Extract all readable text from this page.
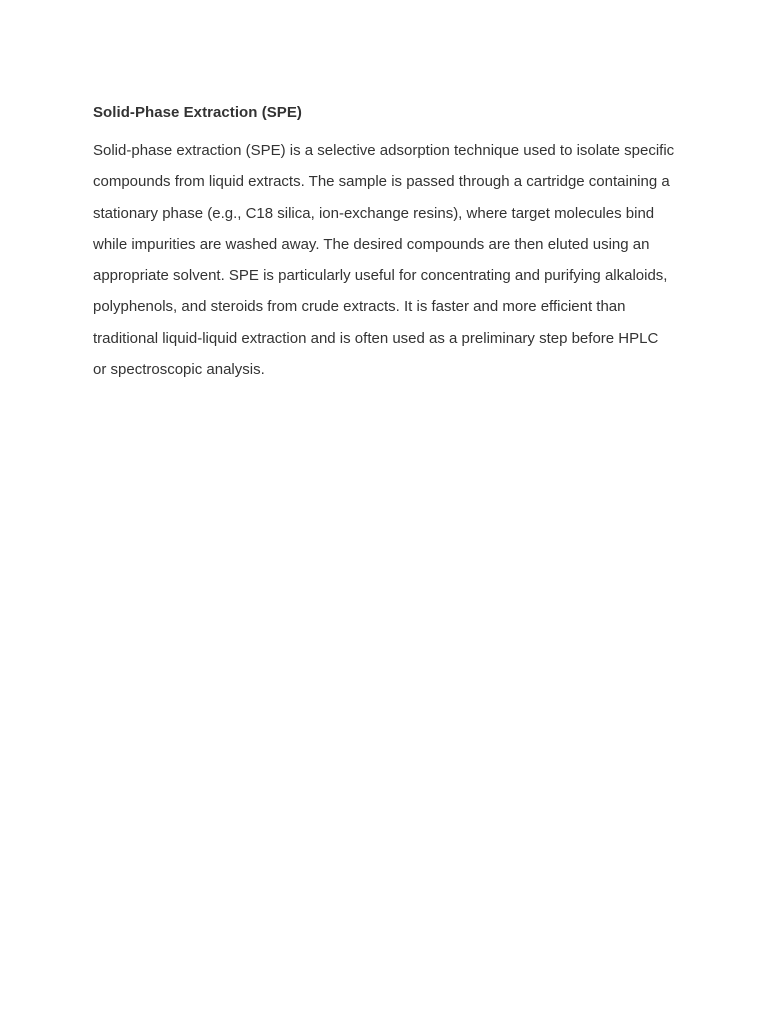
Solid-Phase Extraction (SPE)

Solid-phase extraction (SPE) is a selective adsorption technique used to isolate specific compounds from liquid extracts. The sample is passed through a cartridge containing a stationary phase (e.g., C18 silica, ion-exchange resins), where target molecules bind while impurities are washed away. The desired compounds are then eluted using an appropriate solvent. SPE is particularly useful for concentrating and purifying alkaloids, polyphenols, and steroids from crude extracts. It is faster and more efficient than traditional liquid-liquid extraction and is often used as a preliminary step before HPLC or spectroscopic analysis.
